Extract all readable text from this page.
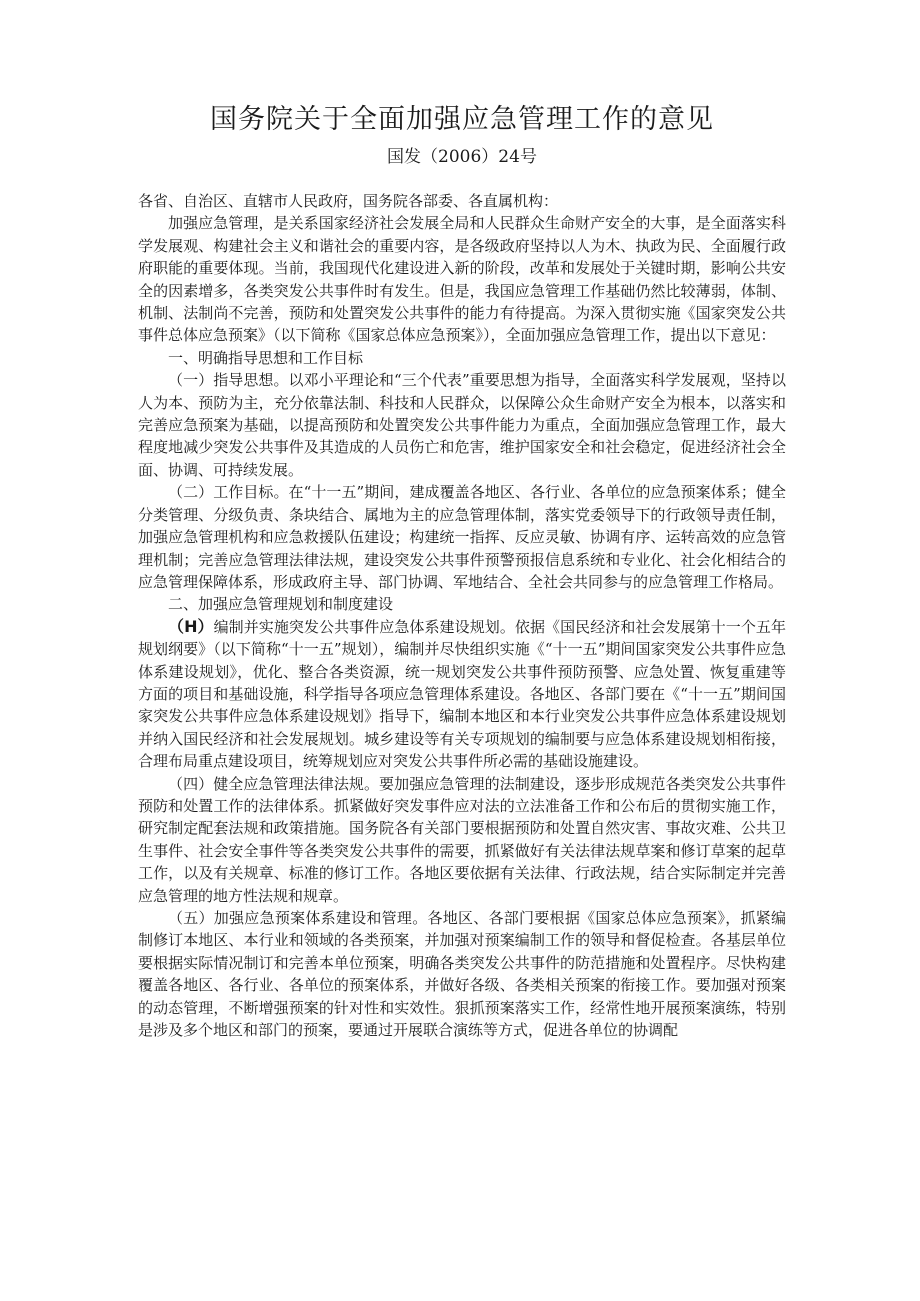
国务院关于全面加强应急管理工作的意见
国发（2006）24号

各省、自治区、直辖市人民政府，国务院各部委、各直属机构：

加强应急管理，是关系国家经济社会发展全局和人民群众生命财产安全的大事，是全面落实科学发展观、构建社会主义和谐社会的重要内容，是各级政府坚持以人为木、执政为民、全面履行政府职能的重要体现。当前，我国现代化建设进入新的阶段，改革和发展处于关键时期，影响公共安全的因素增多，各类突发公共事件时有发生。但是，我国应急管理工作基础仍然比较薄弱，体制、机制、法制尚不完善，预防和处置突发公共事件的能力有待提高。为深入贯彻实施《国家突发公共事件总体应急预案》（以下简称《国家总体应急预案》），全面加强应急管理工作，提出以下意见：

一、明确指导思想和工作目标

（一）指导思想。以邓小平理论和“三个代表”重要思想为指导，全面落实科学发展观，坚持以人为本、预防为主，充分依靠法制、科技和人民群众，以保障公众生命财产安全为根本，以落实和完善应急预案为基础，以提高预防和处置突发公共事件能力为重点，全面加强应急管理工作，最大程度地减少突发公共事件及其造成的人员伤亡和危害，维护国家安全和社会稳定，促进经济社会全面、协调、可持续发展。

（二）工作目标。在“十一五”期间，建成覆盖各地区、各行业、各单位的应急预案体系；健全分类管理、分级负责、条块结合、属地为主的应急管理体制，落实党委领导下的行政领导责任制，加强应急管理机构和应急救援队伍建设；构建统一指挥、反应灵敏、协调有序、运转高效的应急管理机制；完善应急管理法律法规，建设突发公共事件预警预报信息系统和专业化、社会化相结合的应急管理保障体系，形成政府主导、部门协调、军地结合、全社会共同参与的应急管理工作格局。

二、加强应急管理规划和制度建设

（H）编制并实施突发公共事件应急体系建设规划。依据《国民经济和社会发展第十一个五年规划纲要》（以下简称“十一五”规划），编制并尽快组织实施《“十一五”期间国家突发公共事件应急体系建设规划》，优化、整合各类资源，统一规划突发公共事件预防预警、应急处置、恢复重建等方面的项目和基础设施，科学指导各项应急管理体系建设。各地区、各部门要在《“十一五”期间国家突发公共事件应急体系建设规划》指导下，编制本地区和本行业突发公共事件应急体系建设规划并纳入国民经济和社会发展规划。城乡建设等有关专项规划的编制要与应急体系建设规划相衔接，合理布局重点建设项目，统筹规划应对突发公共事件所必需的基础设施建设。

（四）健全应急管理法律法规。要加强应急管理的法制建设，逐步形成规范各类突发公共事件预防和处置工作的法律体系。抓紧做好突发事件应对法的立法准备工作和公布后的贯彻实施工作，研究制定配套法规和政策措施。国务院各有关部门要根据预防和处置自然灾害、事故灾难、公共卫生事件、社会安全事件等各类突发公共事件的需要，抓紧做好有关法律法规草案和修订草案的起草工作，以及有关规章、标准的修订工作。各地区要依据有关法律、行政法规，结合实际制定并完善应急管理的地方性法规和规章。

（五）加强应急预案体系建设和管理。各地区、各部门要根据《国家总体应急预案》，抓紧编制修订本地区、本行业和领域的各类预案，并加强对预案编制工作的领导和督促检查。各基层单位要根据实际情况制订和完善本单位预案，明确各类突发公共事件的防范措施和处置程序。尽快构建覆盖各地区、各行业、各单位的预案体系，并做好各级、各类相关预案的衔接工作。要加强对预案的动态管理，不断增强预案的针对性和实效性。狠抓预案落实工作，经常性地开展预案演练，特别是涉及多个地区和部门的预案，要通过开展联合演练等方式，促进各单位的协调配
